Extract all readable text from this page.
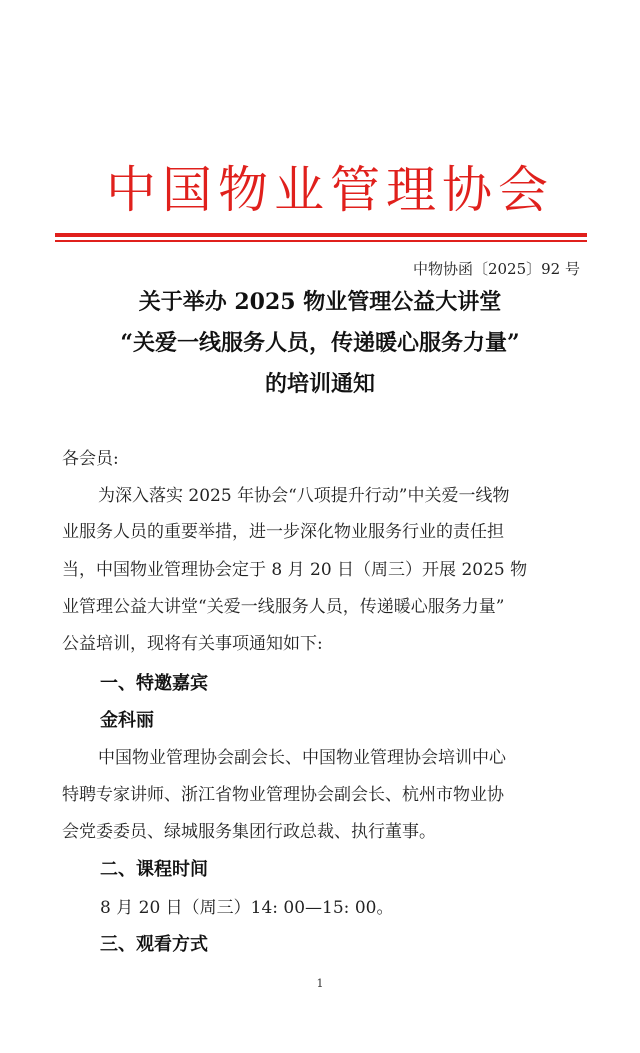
中国物业管理协会
中物协函〔2025〕92 号
关于举办 2025 物业管理公益大讲堂
“关爱一线服务人员，传递暖心服务力量”
的培训通知
各会员:
为深入落实 2025 年协会“八项提升行动”中关爱一线物
业服务人员的重要举措，进一步深化物业服务行业的责任担
当，中国物业管理协会定于 8 月 20 日（周三）开展 2025 物
业管理公益大讲堂“关爱一线服务人员，传递暖心服务力量”
公益培训，现将有关事项通知如下:
一、特邀嘉宾
金科丽
中国物业管理协会副会长、中国物业管理协会培训中心
特聘专家讲师、浙江省物业管理协会副会长、杭州市物业协
会党委委员、绿城服务集团行政总裁、执行董事。
二、课程时间
8 月 20 日（周三）14: 00—15: 00。
三、观看方式
1
